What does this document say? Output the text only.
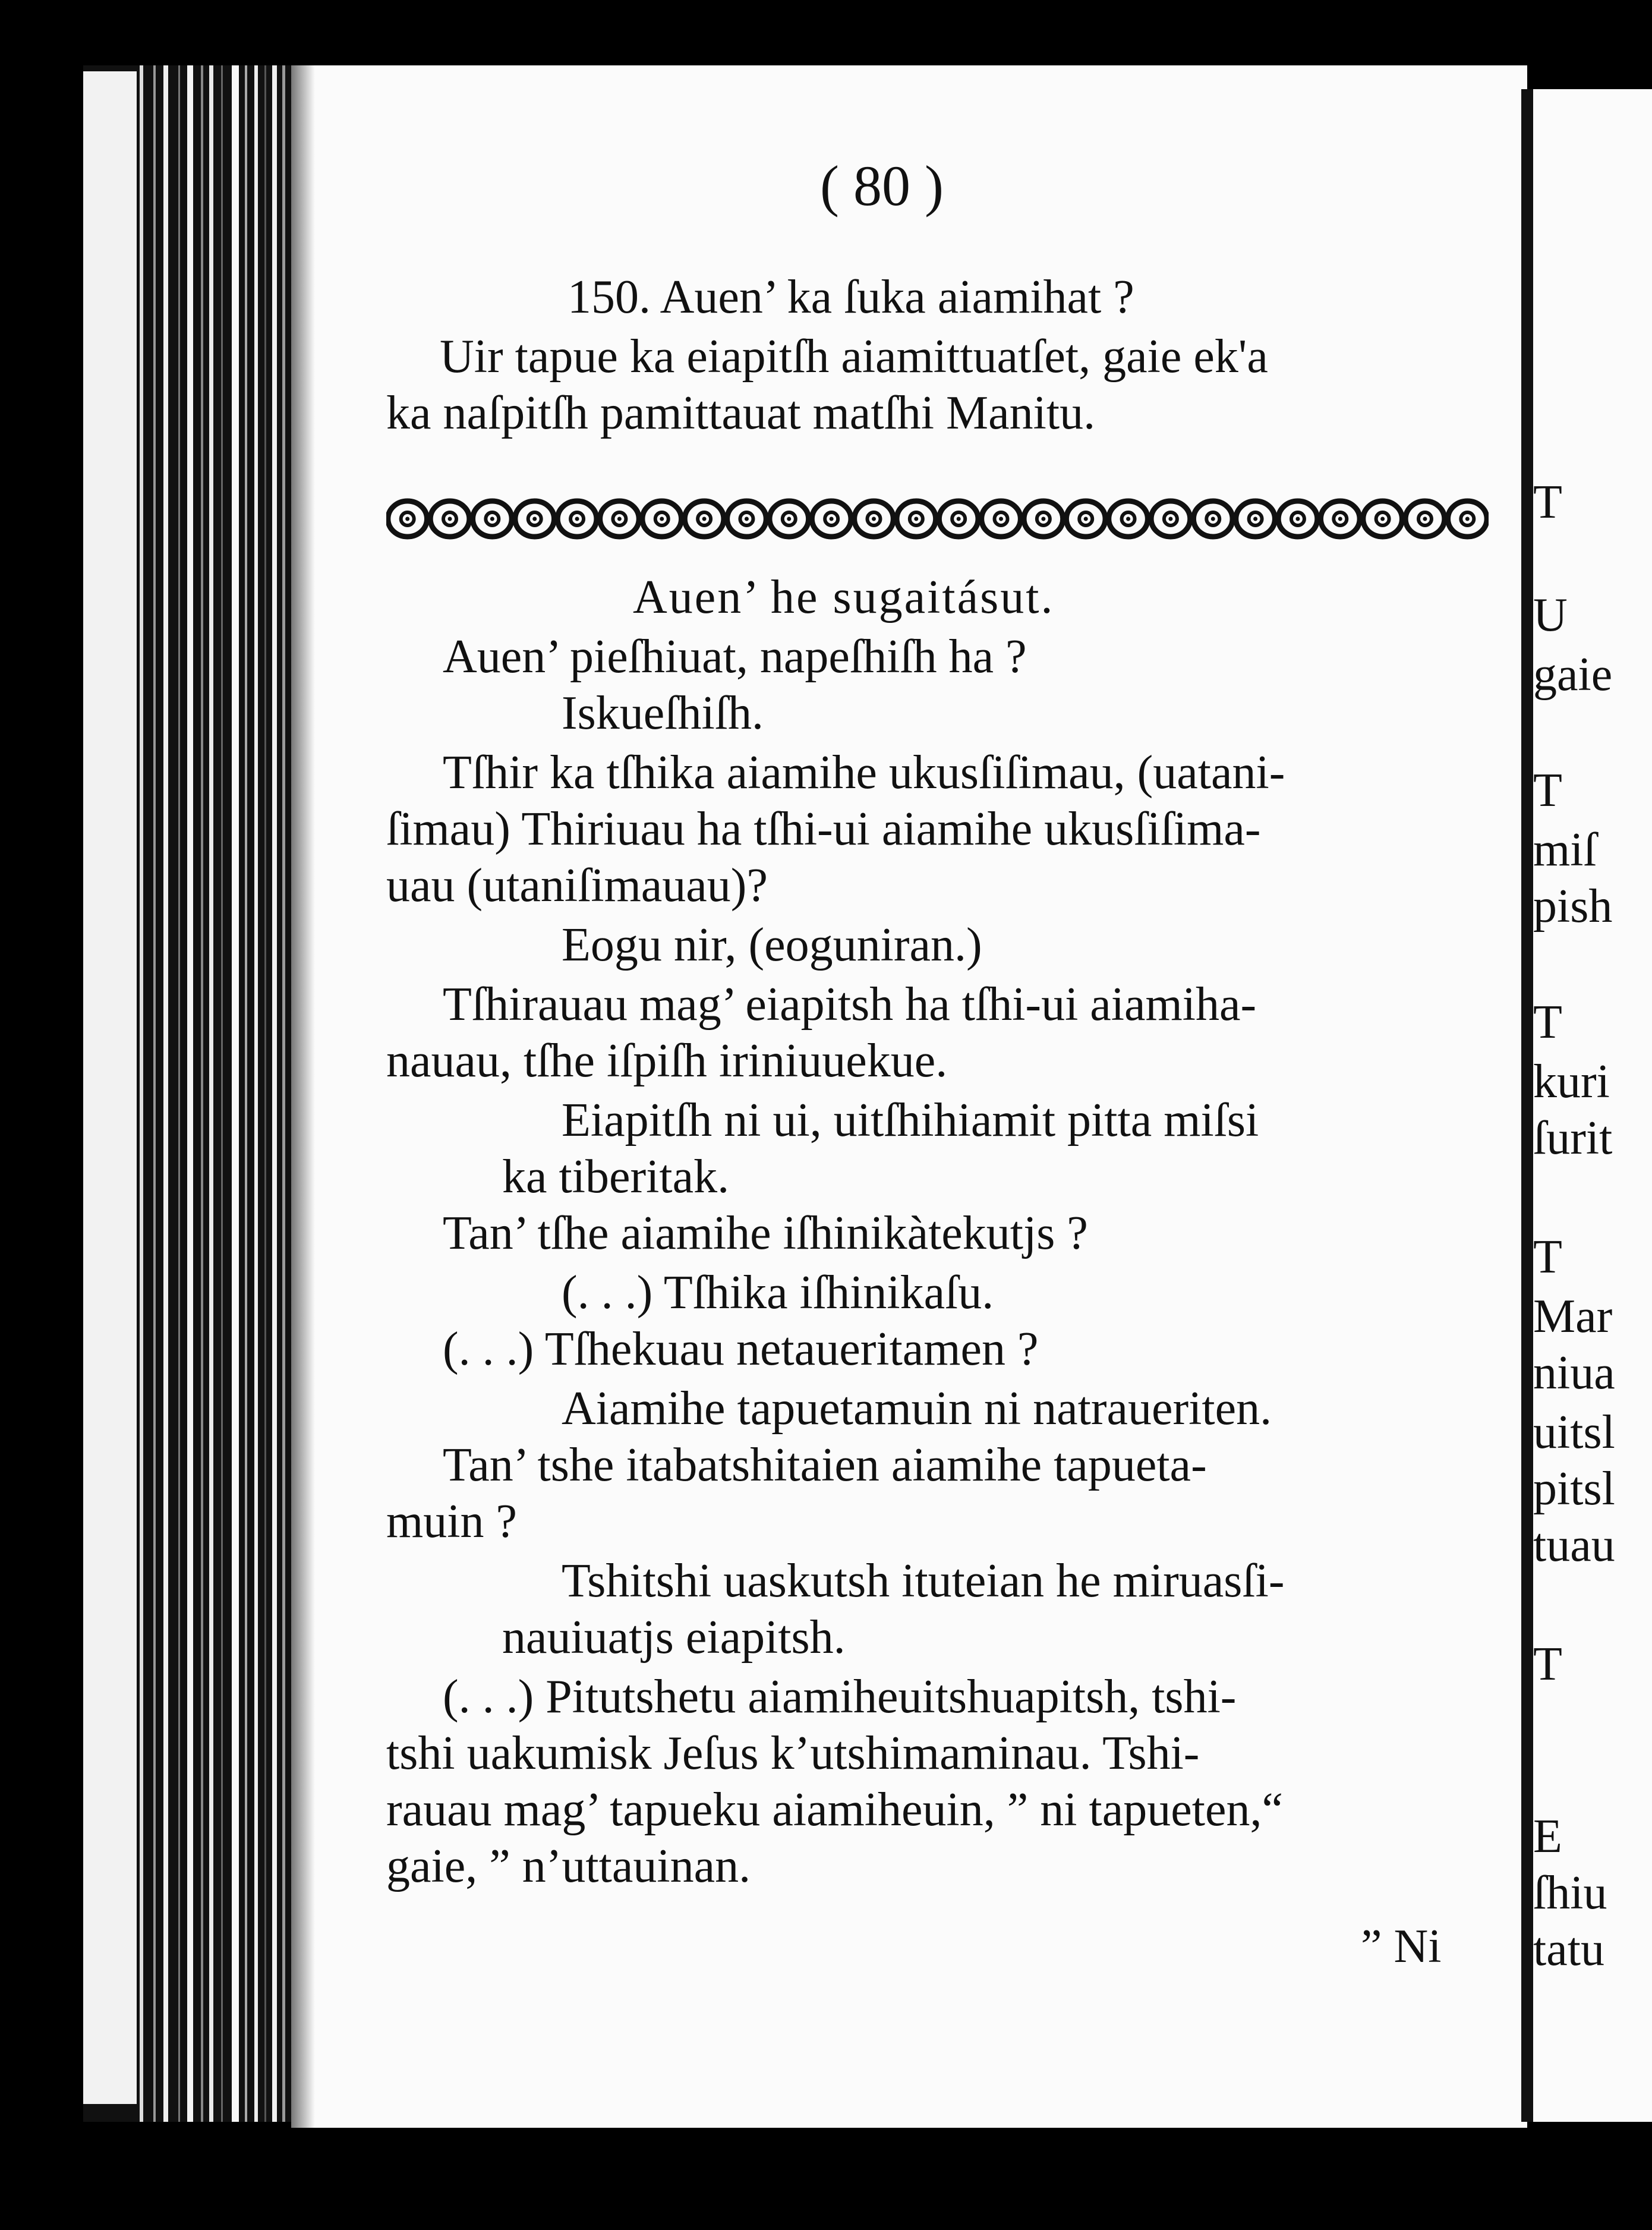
T
U
gaie
T
miſ
pish
T
kuri
ſurit
T
Mar
niua
uitsl
pitsl
tuau
T
E
ſhiu
tatu
( 80 )
150. Auen’ ka ſuka aiamihat ?
Uir tapue ka eiapitſh aiamittuatſet, gaie ek'a
ka naſpitſh pamittauat matſhi Manitu.
Auen’ he sugaitásut.
Auen’ pieſhiuat, napeſhiſh ha ?
Iskueſhiſh.
Tſhir ka tſhika aiamihe ukusſiſimau, (uatani-
ſimau) Thiriuau ha tſhi-ui aiamihe ukusſiſima-
uau (utaniſimauau)?
Eogu nir, (eoguniran.)
Tſhirauau mag’ eiapitsh ha tſhi-ui aiamiha-
nauau, tſhe iſpiſh iriniuuekue.
Eiapitſh ni ui, uitſhihiamit pitta miſsi
ka tiberitak.
Tan’ tſhe aiamihe iſhinikàtekutjs ?
(. . .) Tſhika iſhinikaſu.
(. . .) Tſhekuau netaueritamen ?
Aiamihe tapuetamuin ni natraueriten.
Tan’ tshe itabatshitaien aiamihe tapueta-
muin ?
Tshitshi uaskutsh ituteian he miruasſi-
nauiuatjs eiapitsh.
(. . .) Pitutshetu aiamiheuitshuapitsh, tshi-
tshi uakumisk Jeſus k’utshimaminau. Tshi-
rauau mag’ tapueku aiamiheuin, ” ni tapueten,“
gaie, ” n’uttauinan.
” Ni
